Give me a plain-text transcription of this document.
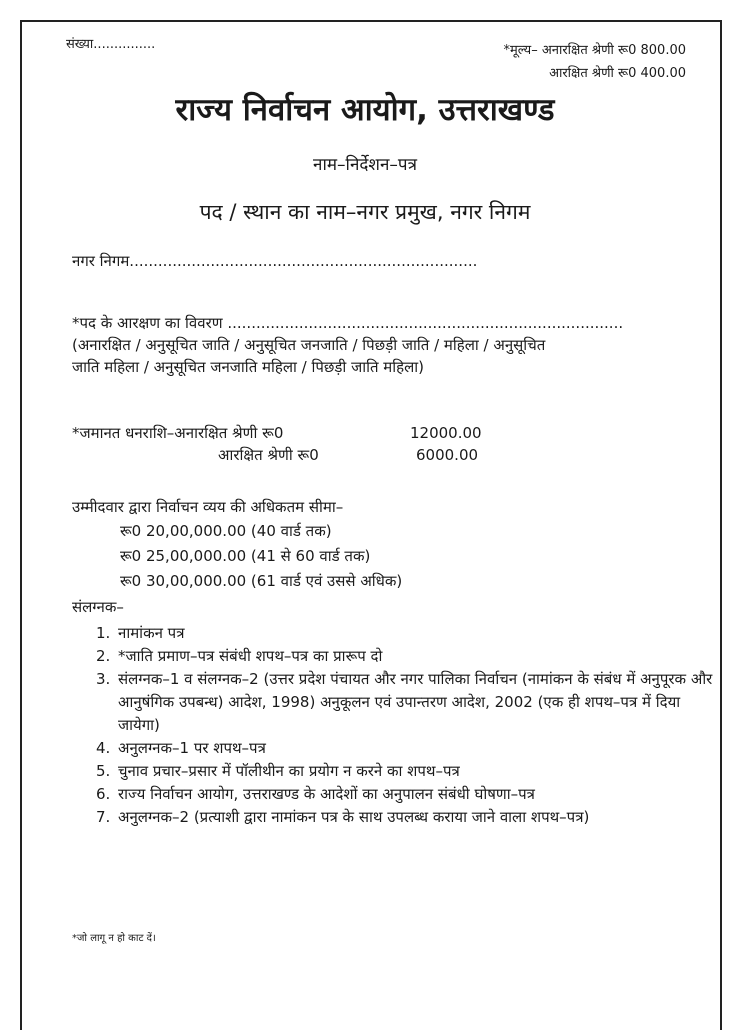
संख्या...............	*मूल्य– अनारक्षित श्रेणी रू0 800.00
आरक्षित श्रेणी रू0 400.00
राज्य निर्वाचन आयोग, उत्तराखण्ड
नाम–निर्देशन–पत्र
पद / स्थान का नाम–नगर प्रमुख, नगर निगम
नगर निगम.........................................................................
*पद के आरक्षण का विवरण ...................................................................................
(अनारक्षित / अनुसूचित जाति / अनुसूचित जनजाति / पिछड़ी जाति / महिला / अनुसूचित
जाति महिला / अनुसूचित जनजाति महिला / पिछड़ी जाति महिला)
*जमानत धनराशि–अनारक्षित श्रेणी रू0	12000.00
आरक्षित श्रेणी रू0	6000.00
उम्मीदवार द्वारा निर्वाचन व्यय की अधिकतम सीमा–
रू0 20,00,000.00 (40 वार्ड तक)
रू0 25,00,000.00 (41 से 60 वार्ड तक)
रू0 30,00,000.00 (61 वार्ड एवं उससे अधिक)
संलग्नक–
1. नामांकन पत्र
2. *जाति प्रमाण–पत्र संबंधी शपथ–पत्र का प्रारूप दो
3. संलग्नक–1 व संलग्नक–2 (उत्तर प्रदेश पंचायत और नगर पालिका निर्वाचन (नामांकन के संबंध में अनुपूरक और आनुषंगिक उपबन्ध) आदेश, 1998) अनुकूलन एवं उपान्तरण आदेश, 2002 (एक ही शपथ–पत्र में दिया जायेगा)
4. अनुलग्नक–1 पर शपथ–पत्र
5. चुनाव प्रचार–प्रसार में पॉलीथीन का प्रयोग न करने का शपथ–पत्र
6. राज्य निर्वाचन आयोग, उत्तराखण्ड के आदेशों का अनुपालन संबंधी घोषणा–पत्र
7. अनुलग्नक–2 (प्रत्याशी द्वारा नामांकन पत्र के साथ उपलब्ध कराया जाने वाला शपथ–पत्र)
*जो लागू न हो काट दें।
